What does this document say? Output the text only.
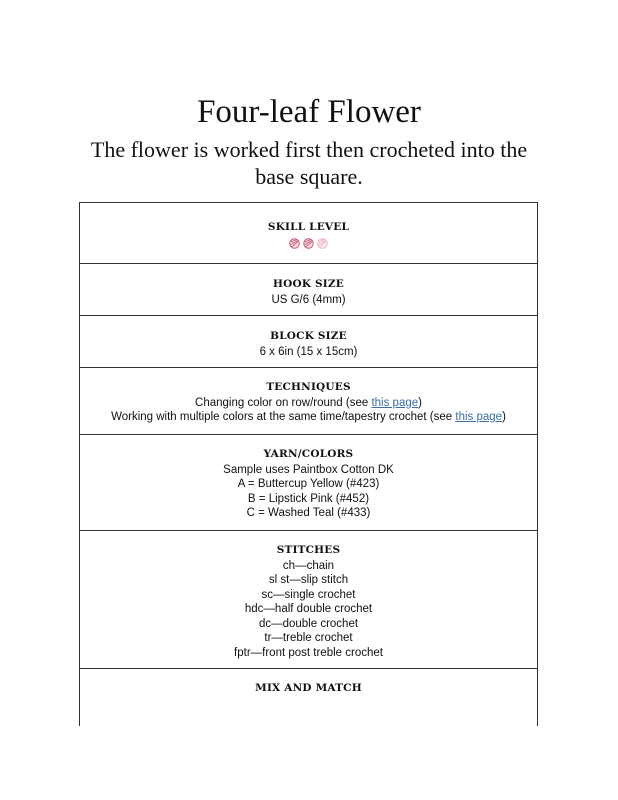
Four-leaf Flower
The flower is worked first then crocheted into the base square.
SKILL LEVEL
HOOK SIZE
US G/6 (4mm)
BLOCK SIZE
6 x 6in (15 x 15cm)
TECHNIQUES
Changing color on row/round (see this page)
Working with multiple colors at the same time/tapestry crochet (see this page)
YARN/COLORS
Sample uses Paintbox Cotton DK
A = Buttercup Yellow (#423)
B = Lipstick Pink (#452)
C = Washed Teal (#433)
STITCHES
ch—chain
sl st—slip stitch
sc—single crochet
hdc—half double crochet
dc—double crochet
tr—treble crochet
fptr—front post treble crochet
MIX AND MATCH
